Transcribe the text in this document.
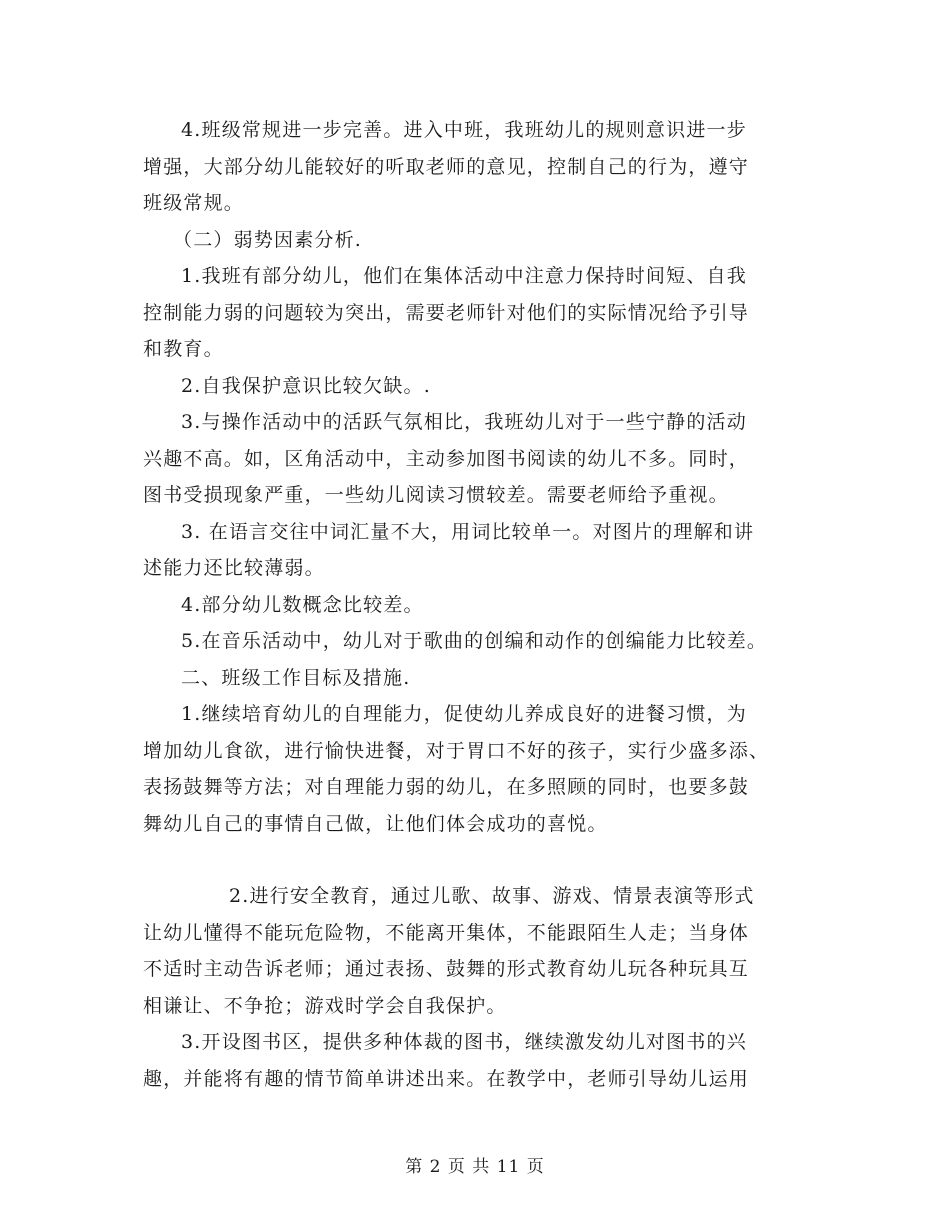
4.班级常规进一步完善。进入中班，我班幼儿的规则意识进一步
增强，大部分幼儿能较好的听取老师的意见，控制自己的行为，遵守
班级常规。

（二）弱势因素分析.

1.我班有部分幼儿，他们在集体活动中注意力保持时间短、自我
控制能力弱的问题较为突出，需要老师针对他们的实际情况给予引导
和教育。

2.自我保护意识比较欠缺。.

3.与操作活动中的活跃气氛相比，我班幼儿对于一些宁静的活动
兴趣不高。如，区角活动中，主动参加图书阅读的幼儿不多。同时，
图书受损现象严重，一些幼儿阅读习惯较差。需要老师给予重视。

3. 在语言交往中词汇量不大，用词比较单一。对图片的理解和讲
述能力还比较薄弱。

4.部分幼儿数概念比较差。

5.在音乐活动中，幼儿对于歌曲的创编和动作的创编能力比较差。

二、班级工作目标及措施.

1.继续培育幼儿的自理能力，促使幼儿养成良好的进餐习惯，为
增加幼儿食欲，进行愉快进餐，对于胃口不好的孩子，实行少盛多添、
表扬鼓舞等方法；对自理能力弱的幼儿，在多照顾的同时，也要多鼓
舞幼儿自己的事情自己做，让他们体会成功的喜悦。

2.进行安全教育，通过儿歌、故事、游戏、情景表演等形式
让幼儿懂得不能玩危险物，不能离开集体，不能跟陌生人走；当身体
不适时主动告诉老师；通过表扬、鼓舞的形式教育幼儿玩各种玩具互
相谦让、不争抢；游戏时学会自我保护。

3.开设图书区，提供多种体裁的图书，继续激发幼儿对图书的兴
趣，并能将有趣的情节简单讲述出来。在教学中，老师引导幼儿运用

第 2 页 共 11 页
